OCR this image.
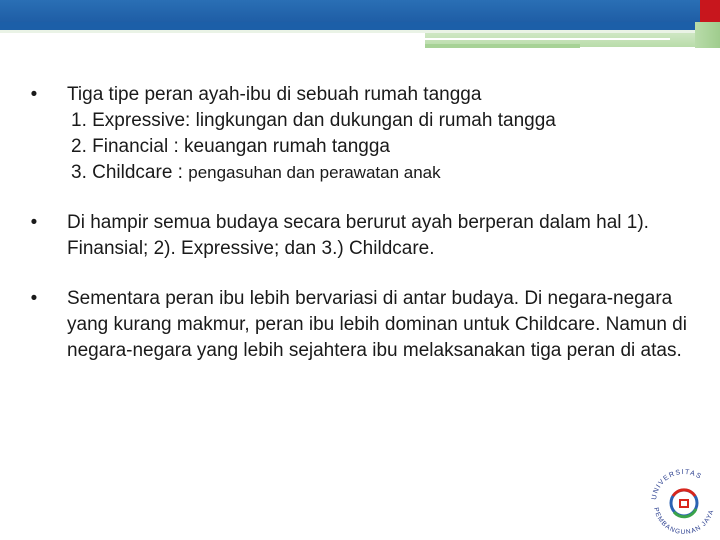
• Tiga tipe peran ayah-ibu di sebuah rumah tangga
1. Expressive: lingkungan dan dukungan di rumah tangga
2. Financial : keuangan rumah tangga
3. Childcare : pengasuhan dan perawatan anak
• Di hampir semua budaya secara berurut ayah berperan dalam hal 1). Finansial; 2). Expressive; dan 3.) Childcare.
• Sementara peran ibu lebih bervariasi di antar budaya. Di negara-negara yang kurang makmur, peran ibu lebih dominan untuk Childcare. Namun di negara-negara yang lebih sejahtera ibu melaksanakan tiga peran di atas.
UNIVERSITAS
PEMBANGUNAN JAYA
